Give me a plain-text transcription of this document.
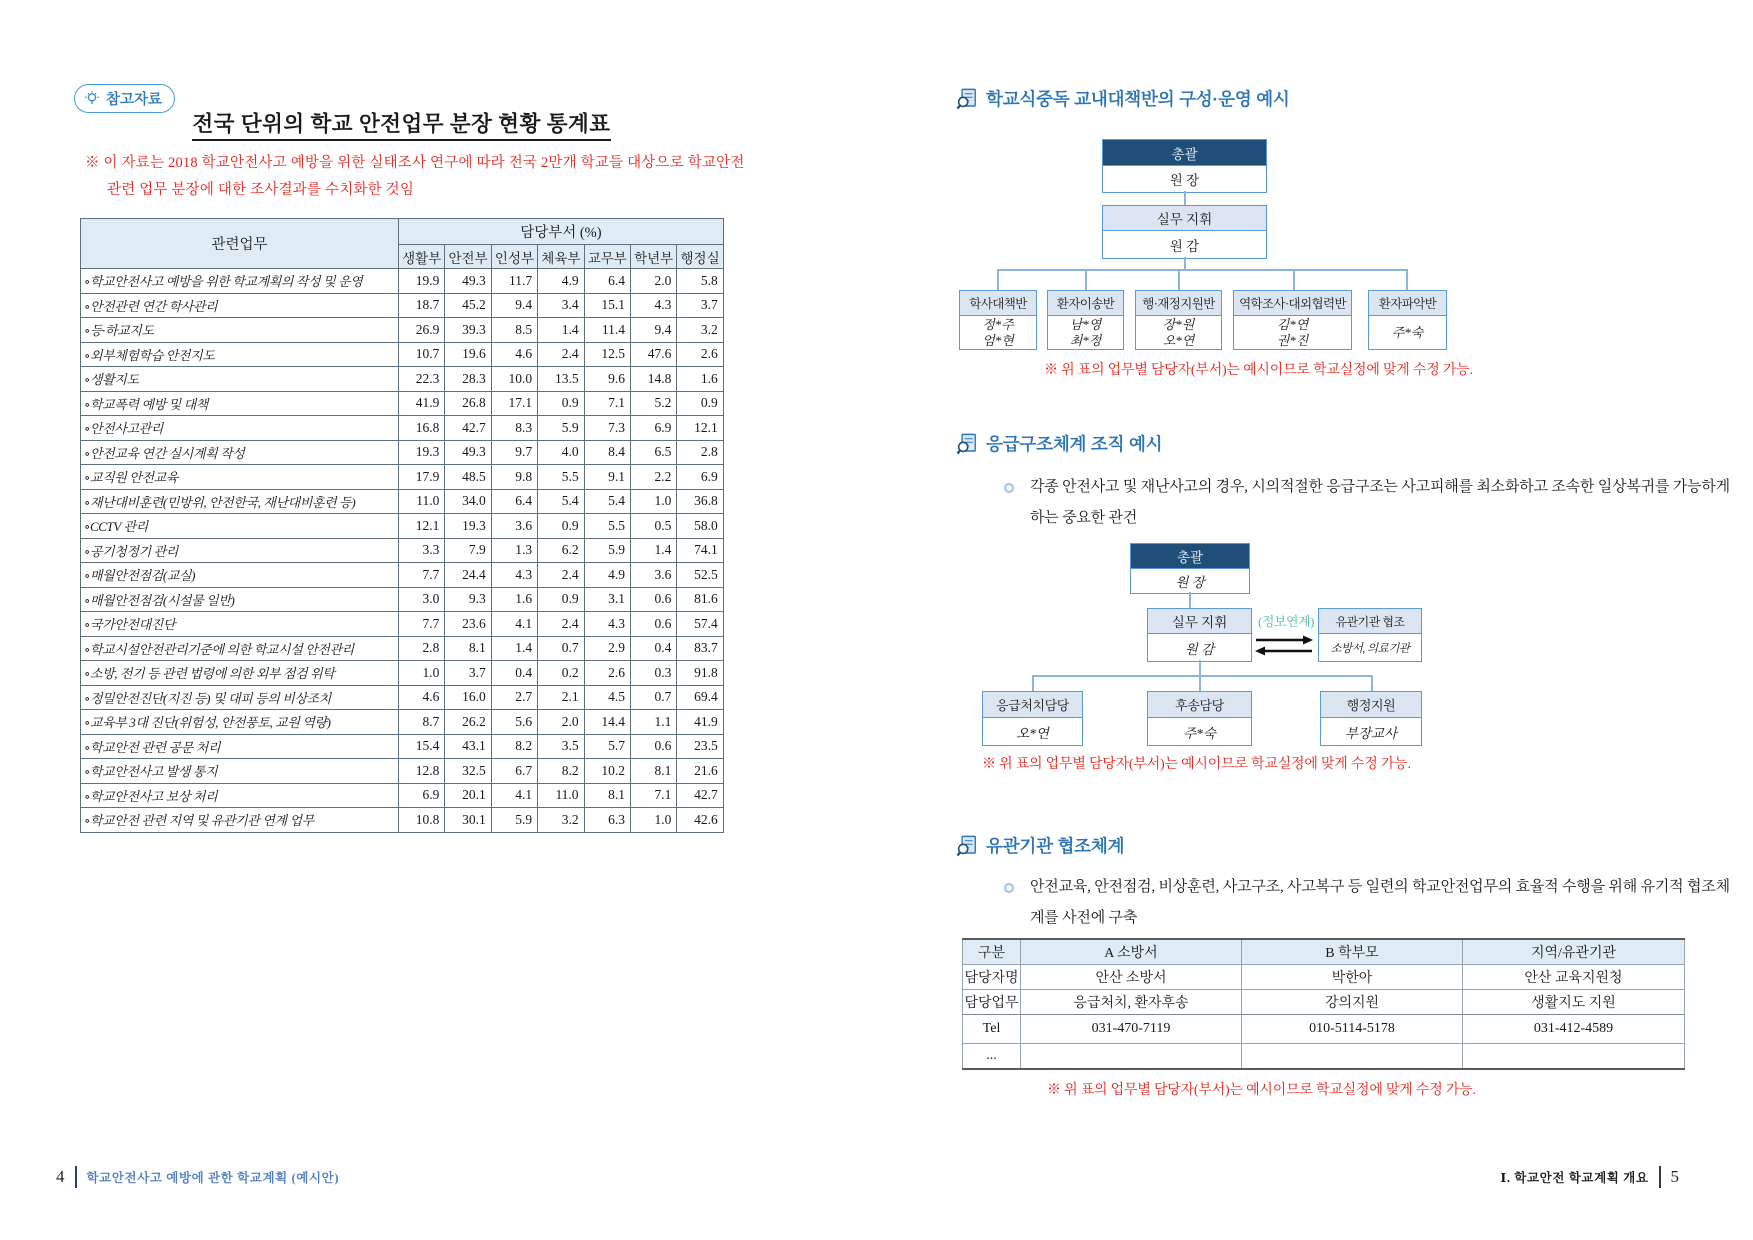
참고자료
전국 단위의 학교 안전업무 분장 현황 통계표
※ 이 자료는 2018 학교안전사고 예방을 위한 실태조사 연구에 따라 전국 2만개 학교들 대상으로 학교안전
관련 업무 분장에 대한 조사결과를 수치화한 것임
관련업무	담당부서 (%)						
	생활부	안전부	인성부	체육부	교무부	학년부	행정실
∘학교안전사고 예방을 위한 학교계획의 작성 및 운영	19.9	49.3	11.7	4.9	6.4	2.0	5.8
∘안전관련 연간 학사관리	18.7	45.2	9.4	3.4	15.1	4.3	3.7
∘등·하교지도	26.9	39.3	8.5	1.4	11.4	9.4	3.2
∘외부체험학습 안전지도	10.7	19.6	4.6	2.4	12.5	47.6	2.6
∘생활지도	22.3	28.3	10.0	13.5	9.6	14.8	1.6
∘학교폭력 예방 및 대책	41.9	26.8	17.1	0.9	7.1	5.2	0.9
∘안전사고관리	16.8	42.7	8.3	5.9	7.3	6.9	12.1
∘안전교육 연간 실시계획 작성	19.3	49.3	9.7	4.0	8.4	6.5	2.8
∘교직원 안전교육	17.9	48.5	9.8	5.5	9.1	2.2	6.9
∘재난대비훈련(민방위, 안전한국, 재난대비훈련 등)	11.0	34.0	6.4	5.4	5.4	1.0	36.8
∘CCTV 관리	12.1	19.3	3.6	0.9	5.5	0.5	58.0
∘공기청정기 관리	3.3	7.9	1.3	6.2	5.9	1.4	74.1
∘매월안전점검(교실)	7.7	24.4	4.3	2.4	4.9	3.6	52.5
∘매월안전점검(시설물 일반)	3.0	9.3	1.6	0.9	3.1	0.6	81.6
∘국가안전대진단	7.7	23.6	4.1	2.4	4.3	0.6	57.4
∘학교시설안전관리기준에 의한 학교시설 안전관리	2.8	8.1	1.4	0.7	2.9	0.4	83.7
∘소방, 전기 등 관련 법령에 의한 외부 점검 위탁	1.0	3.7	0.4	0.2	2.6	0.3	91.8
∘정밀안전진단(지진 등) 및 대피 등의 비상조치	4.6	16.0	2.7	2.1	4.5	0.7	69.4
∘교육부 3대 진단(위험성, 안전풍토, 교원 역량)	8.7	26.2	5.6	2.0	14.4	1.1	41.9
∘학교안전 관련 공문 처리	15.4	43.1	8.2	3.5	5.7	0.6	23.5
∘학교안전사고 발생 통지	12.8	32.5	6.7	8.2	10.2	8.1	21.6
∘학교안전사고 보상 처리	6.9	20.1	4.1	11.0	8.1	7.1	42.7
∘학교안전 관련 지역 및 유관기관 연계 업무	10.8	30.1	5.9	3.2	6.3	1.0	42.6
4 학교안전사고 예방에 관한 학교계획 (예시안)
학교식중독 교내대책반의 구성·운영 예시
총괄
원 장
실무 지휘
원 감
학사대책반
정*주
엄*현
환자이송반
남*영
최*정
행·재정지원반
장*원
오*연
역학조사·대외협력반
김*연
권*진
환자파악반
주*숙
※ 위 표의 업무별 담당자(부서)는 예시이므로 학교실정에 맞게 수정 가능.
응급구조체계 조직 예시
각종 안전사고 및 재난사고의 경우, 시의적절한 응급구조는 사고피해를 최소화하고 조속한 일상복귀를 가능하게 하는 중요한 관건
총괄
원 장
실무 지휘
원 감
(정보연계)	유관기관 협조
소방서, 의료기관
응급처치담당
오*연
후송담당
주*숙
행정지원
부장교사
※ 위 표의 업무별 담당자(부서)는 예시이므로 학교실정에 맞게 수정 가능.
유관기관 협조체계
안전교육, 안전점검, 비상훈련, 사고구조, 사고복구 등 일련의 학교안전업무의 효율적 수행을 위해 유기적 협조체계를 사전에 구축
구분	A 소방서	B 학부모	지역/유관기관
담당자명	안산 소방서	박한아	안산 교육지원청
담당업무	응급처치, 환자후송	강의지원	생활지도 지원
Tel	031-470-7119	010-5114-5178	031-412-4589
...			
※ 위 표의 업무별 담당자(부서)는 예시이므로 학교실정에 맞게 수정 가능.
Ⅰ. 학교안전 학교계획 개요 5
